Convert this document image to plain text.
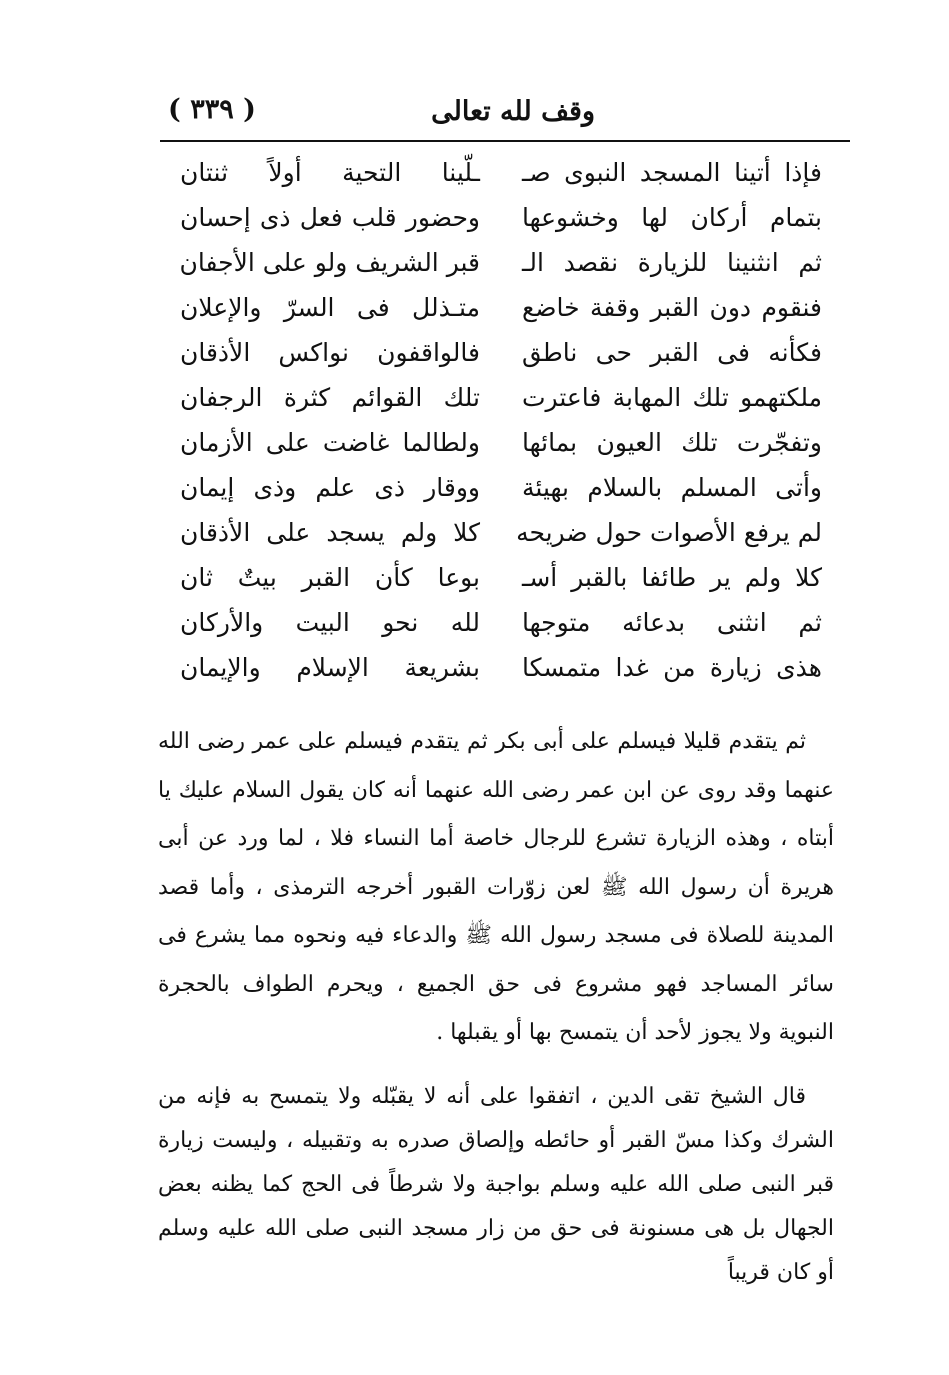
وقف لله تعالى
( ٣٣٩ )
فإذا أتينا المسجد النبوى صـ
ـلّينا التحية أولاً ثنتان
بتمام أركان لها وخشوعها
وحضور قلب فعل ذى إحسان
ثم انثنينا للزيارة نقصد الـ
قبر الشريف ولو على الأجفان
فنقوم دون القبر وقفة خاضع
متـذلل فى السرّ والإعلان
فكأنه فى القبر حى ناطق
فالواقفون نواكس الأذقان
ملكتهمو تلك المهابة فاعترت
تلك القوائم كثرة الرجفان
وتفجّرت تلك العيون بمائها
ولطالما غاضت على الأزمان
وأتى المسلم بالسلام بهيئة
ووقار ذى علم وذى إيمان
لم يرفع الأصوات حول ضريحه
كلا ولم يسجد على الأذقان
كلا ولم ير طائفا بالقبر أسـ
بوعا كأن القبر بيتٌ ثان
ثم انثنى بدعائه متوجها
لله نحو البيت والأركان
هذى زيارة من غدا متمسكا
بشريعة الإسلام والإيمان

ثم يتقدم قليلا فيسلم على أبى بكر ثم يتقدم فيسلم على عمر رضى الله عنهما وقد روى عن ابن عمر رضى الله عنهما أنه كان يقول السلام عليك يا أبتاه ، وهذه الزيارة تشرع للرجال خاصة أما النساء فلا ، لما ورد عن أبى هريرة أن رسول الله ﷺ لعن زوّرات القبور أخرجه الترمذى ، وأما قصد المدينة للصلاة فى مسجد رسول الله ﷺ والدعاء فيه ونحوه مما يشرع فى سائر المساجد فهو مشروع فى حق الجميع ، ويحرم الطواف بالحجرة النبوية ولا يجوز لأحد أن يتمسح بها أو يقبلها .

قال الشيخ تقى الدين ، اتفقوا على أنه لا يقبّله ولا يتمسح به فإنه من الشرك وكذا مسّ القبر أو حائطه وإلصاق صدره به وتقبيله ، وليست زيارة قبر النبى صلى الله عليه وسلم بواجبة ولا شرطاً فى الحج كما يظنه بعض الجهال بل هى مسنونة فى حق من زار مسجد النبى صلى الله عليه وسلم أو كان قريباً
